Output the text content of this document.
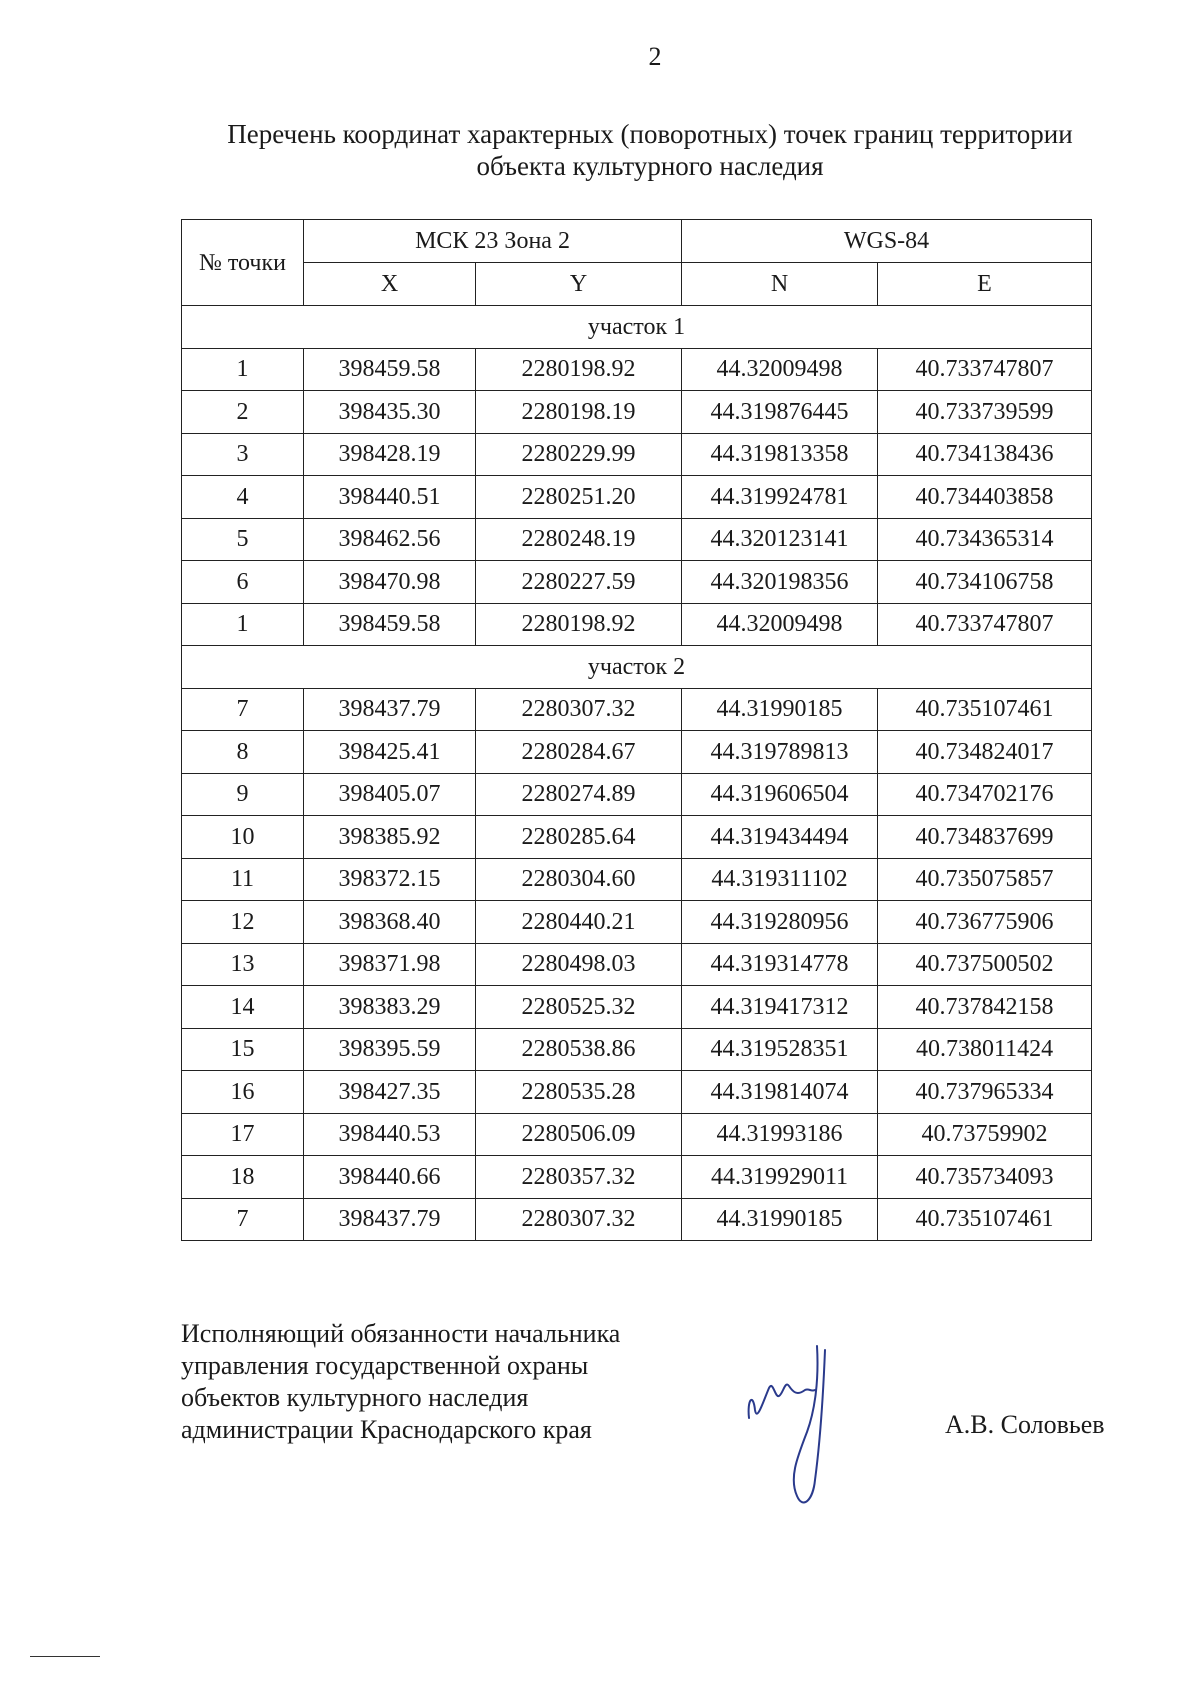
2
Перечень координат характерных (поворотных) точек границ территории
объекта культурного наследия
№ точки	МСК 23 Зона 2		WGS-84	
	X	Y	N	E
участок 1				
1	398459.58	2280198.92	44.32009498	40.733747807
2	398435.30	2280198.19	44.319876445	40.733739599
3	398428.19	2280229.99	44.319813358	40.734138436
4	398440.51	2280251.20	44.319924781	40.734403858
5	398462.56	2280248.19	44.320123141	40.734365314
6	398470.98	2280227.59	44.320198356	40.734106758
1	398459.58	2280198.92	44.32009498	40.733747807
участок 2				
7	398437.79	2280307.32	44.31990185	40.735107461
8	398425.41	2280284.67	44.319789813	40.734824017
9	398405.07	2280274.89	44.319606504	40.734702176
10	398385.92	2280285.64	44.319434494	40.734837699
11	398372.15	2280304.60	44.319311102	40.735075857
12	398368.40	2280440.21	44.319280956	40.736775906
13	398371.98	2280498.03	44.319314778	40.737500502
14	398383.29	2280525.32	44.319417312	40.737842158
15	398395.59	2280538.86	44.319528351	40.738011424
16	398427.35	2280535.28	44.319814074	40.737965334
17	398440.53	2280506.09	44.31993186	40.73759902
18	398440.66	2280357.32	44.319929011	40.735734093
7	398437.79	2280307.32	44.31990185	40.735107461
Исполняющий обязанности начальника
управления государственной охраны
объектов культурного наследия
администрации Краснодарского края	А.В. Соловьев
